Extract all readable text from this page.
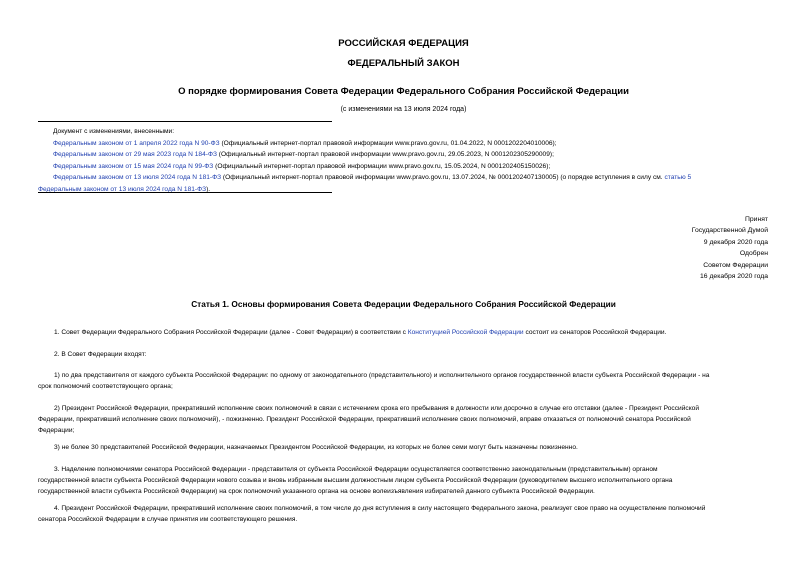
РОССИЙСКАЯ ФЕДЕРАЦИЯ
ФЕДЕРАЛЬНЫЙ ЗАКОН
О порядке формирования Совета Федерации Федерального Собрания Российской Федерации
(с изменениями на 13 июля 2024 года)
Документ с изменениями, внесенными:
Федеральным законом от 1 апреля 2022 года N 90-ФЗ (Официальный интернет-портал правовой информации www.pravo.gov.ru, 01.04.2022, N 0001202204010006);
Федеральным законом от 29 мая 2023 года N 184-ФЗ (Официальный интернет-портал правовой информации www.pravo.gov.ru, 29.05.2023, N 0001202305290009);
Федеральным законом от 15 мая 2024 года N 99-ФЗ (Официальный интернет-портал правовой информации www.pravo.gov.ru, 15.05.2024, N 0001202405150026);
Федеральным законом от 13 июля 2024 года N 181-ФЗ (Официальный интернет-портал правовой информации www.pravo.gov.ru, 13.07.2024, № 0001202407130005) (о порядке вступления в силу см. статью 5
Федеральным законом от 13 июля 2024 года N 181-ФЗ).
Принят
Государственной Думой
9 декабря 2020 года
Одобрен
Советом Федерации
16 декабря 2020 года
Статья 1. Основы формирования Совета Федерации Федерального Собрания Российской Федерации
1. Совет Федерации Федерального Собрания Российской Федерации (далее - Совет Федерации) в соответствии с Конституцией Российской Федерации состоит из сенаторов Российской Федерации.
2. В Совет Федерации входят:
1) по два представителя от каждого субъекта Российской Федерации: по одному от законодательного (представительного) и исполнительного органов государственной власти субъекта Российской Федерации - на
срок полномочий соответствующего органа;
2) Президент Российской Федерации, прекративший исполнение своих полномочий в связи с истечением срока его пребывания в должности или досрочно в случае его отставки (далее - Президент Российской
Федерации, прекративший исполнение своих полномочий), - пожизненно. Президент Российской Федерации, прекративший исполнение своих полномочий, вправе отказаться от полномочий сенатора Российской
Федерации;
3) не более 30 представителей Российской Федерации, назначаемых Президентом Российской Федерации, из которых не более семи могут быть назначены пожизненно.
3. Наделение полномочиями сенатора Российской Федерации - представителя от субъекта Российской Федерации осуществляется соответственно законодательным (представительным) органом
государственной власти субъекта Российской Федерации нового созыва и вновь избранным высшим должностным лицом субъекта Российской Федерации (руководителем высшего исполнительного органа
государственной власти субъекта Российской Федерации) на срок полномочий указанного органа на основе волеизъявления избирателей данного субъекта Российской Федерации.
4. Президент Российской Федерации, прекративший исполнение своих полномочий, в том числе до дня вступления в силу настоящего Федерального закона, реализует свое право на осуществление полномочий
сенатора Российской Федерации в случае принятия им соответствующего решения.
